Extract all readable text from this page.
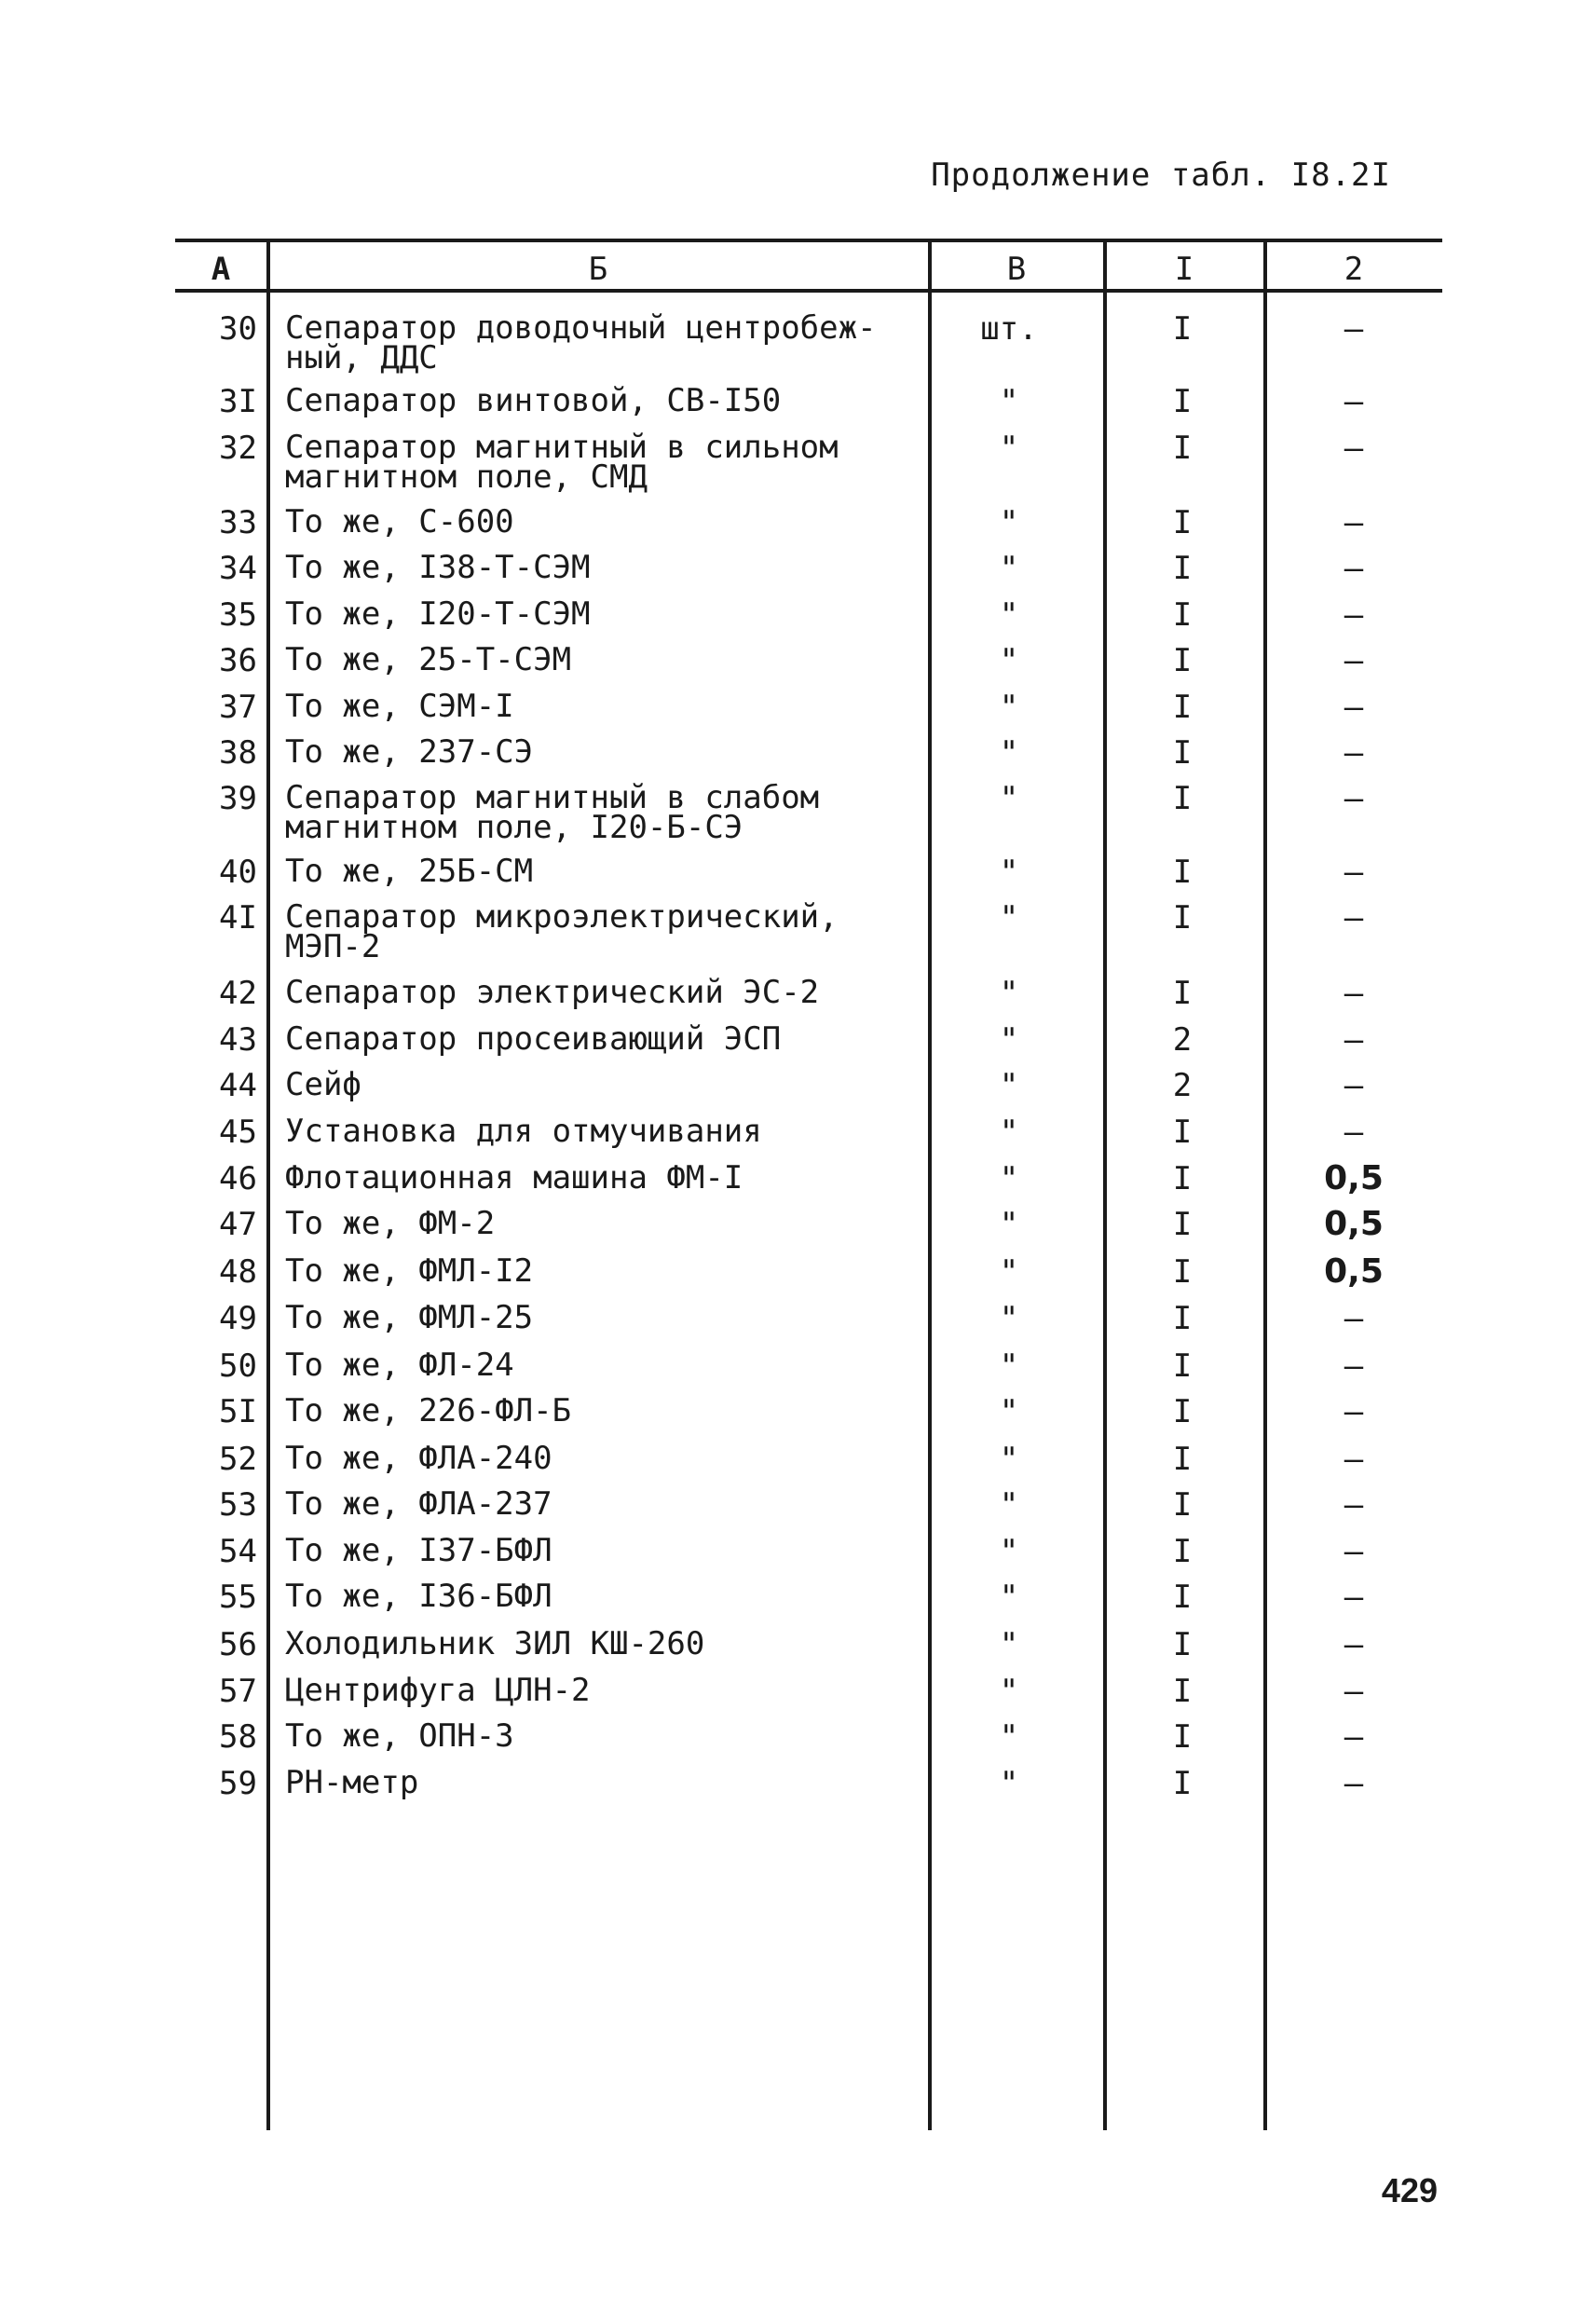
Продолжение табл. I8.2I
А	Б	В	I	2
30 Сепаратор доводочный центробеж-
ный, ДДС
шт.	I	–
3I Сепаратор винтовой, СВ-I50	"	I	–
32 Сепаратор магнитный в сильном
магнитном поле, СМД
"	I	–
33 То же, С-600	"	I	–
34 То же, I38-Т-СЭМ	"	I	–
35 То же, I20-Т-СЭМ	"	I	–
36 То же, 25-Т-СЭМ	"	I	–
37 То же, СЭМ-I	"	I	–
38 То же, 237-СЭ	"	I	–
39 Сепаратор магнитный в слабом
магнитном поле, I20-Б-СЭ
"	I	–
40 То же, 25Б-СМ	"	I	–
4I Сепаратор микроэлектрический,
МЭП-2
"	I	–
42 Сепаратор электрический ЭС-2	"	I	–
43 Сепаратор просеивающий ЭСП	"	2	–
44 Сейф	"	2	–
45 Установка для отмучивания	"	I	–
46 Флотационная машина ФМ-I	"	I	0,5
47 То же, ФМ-2	"	I	0,5
48 То же, ФМЛ-I2	"	I	0,5
49 То же, ФМЛ-25	"	I	–
50 То же, ФЛ-24	"	I	–
5I То же, 226-ФЛ-Б	"	I	–
52 То же, ФЛА-240	"	I	–
53 То же, ФЛА-237	"	I	–
54 То же, I37-БФЛ	"	I	–
55 То же, I36-БФЛ	"	I	–
56 Холодильник ЗИЛ КШ-260	"	I	–
57 Центрифуга ЦЛН-2	"	I	–
58 То же, ОПН-3	"	I	–
59 РН-метр	"	I	–
429
